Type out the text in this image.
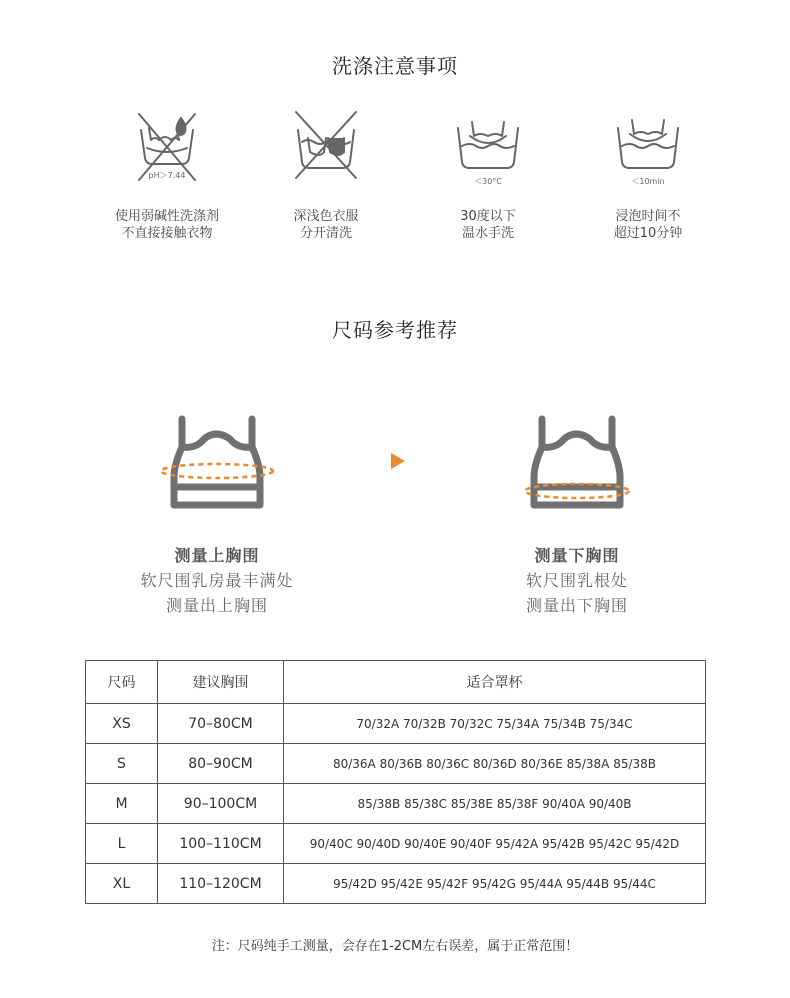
洗涤注意事项
pH＞7.44
使用弱碱性洗涤剂
不直接接触衣物
深浅色衣服
分开清洗
＜30°C
30度以下
温水手洗
＜10min
浸泡时间不
超过10分钟
尺码参考推荐
测量上胸围
软尺围乳房最丰满处
测量出上胸围
测量下胸围
软尺围乳根处
测量出下胸围
尺码	建议胸围	适合罩杯
XS	70–80CM	70/32A 70/32B 70/32C 75/34A 75/34B 75/34C
S	80–90CM	80/36A 80/36B 80/36C 80/36D 80/36E 85/38A 85/38B
M	90–100CM	85/38B 85/38C 85/38E 85/38F 90/40A 90/40B
L	100–110CM	90/40C 90/40D 90/40E 90/40F 95/42A 95/42B 95/42C 95/42D
XL	110–120CM	95/42D 95/42E 95/42F 95/42G 95/44A 95/44B 95/44C
注：尺码纯手工测量，会存在1-2CM左右误差，属于正常范围！
